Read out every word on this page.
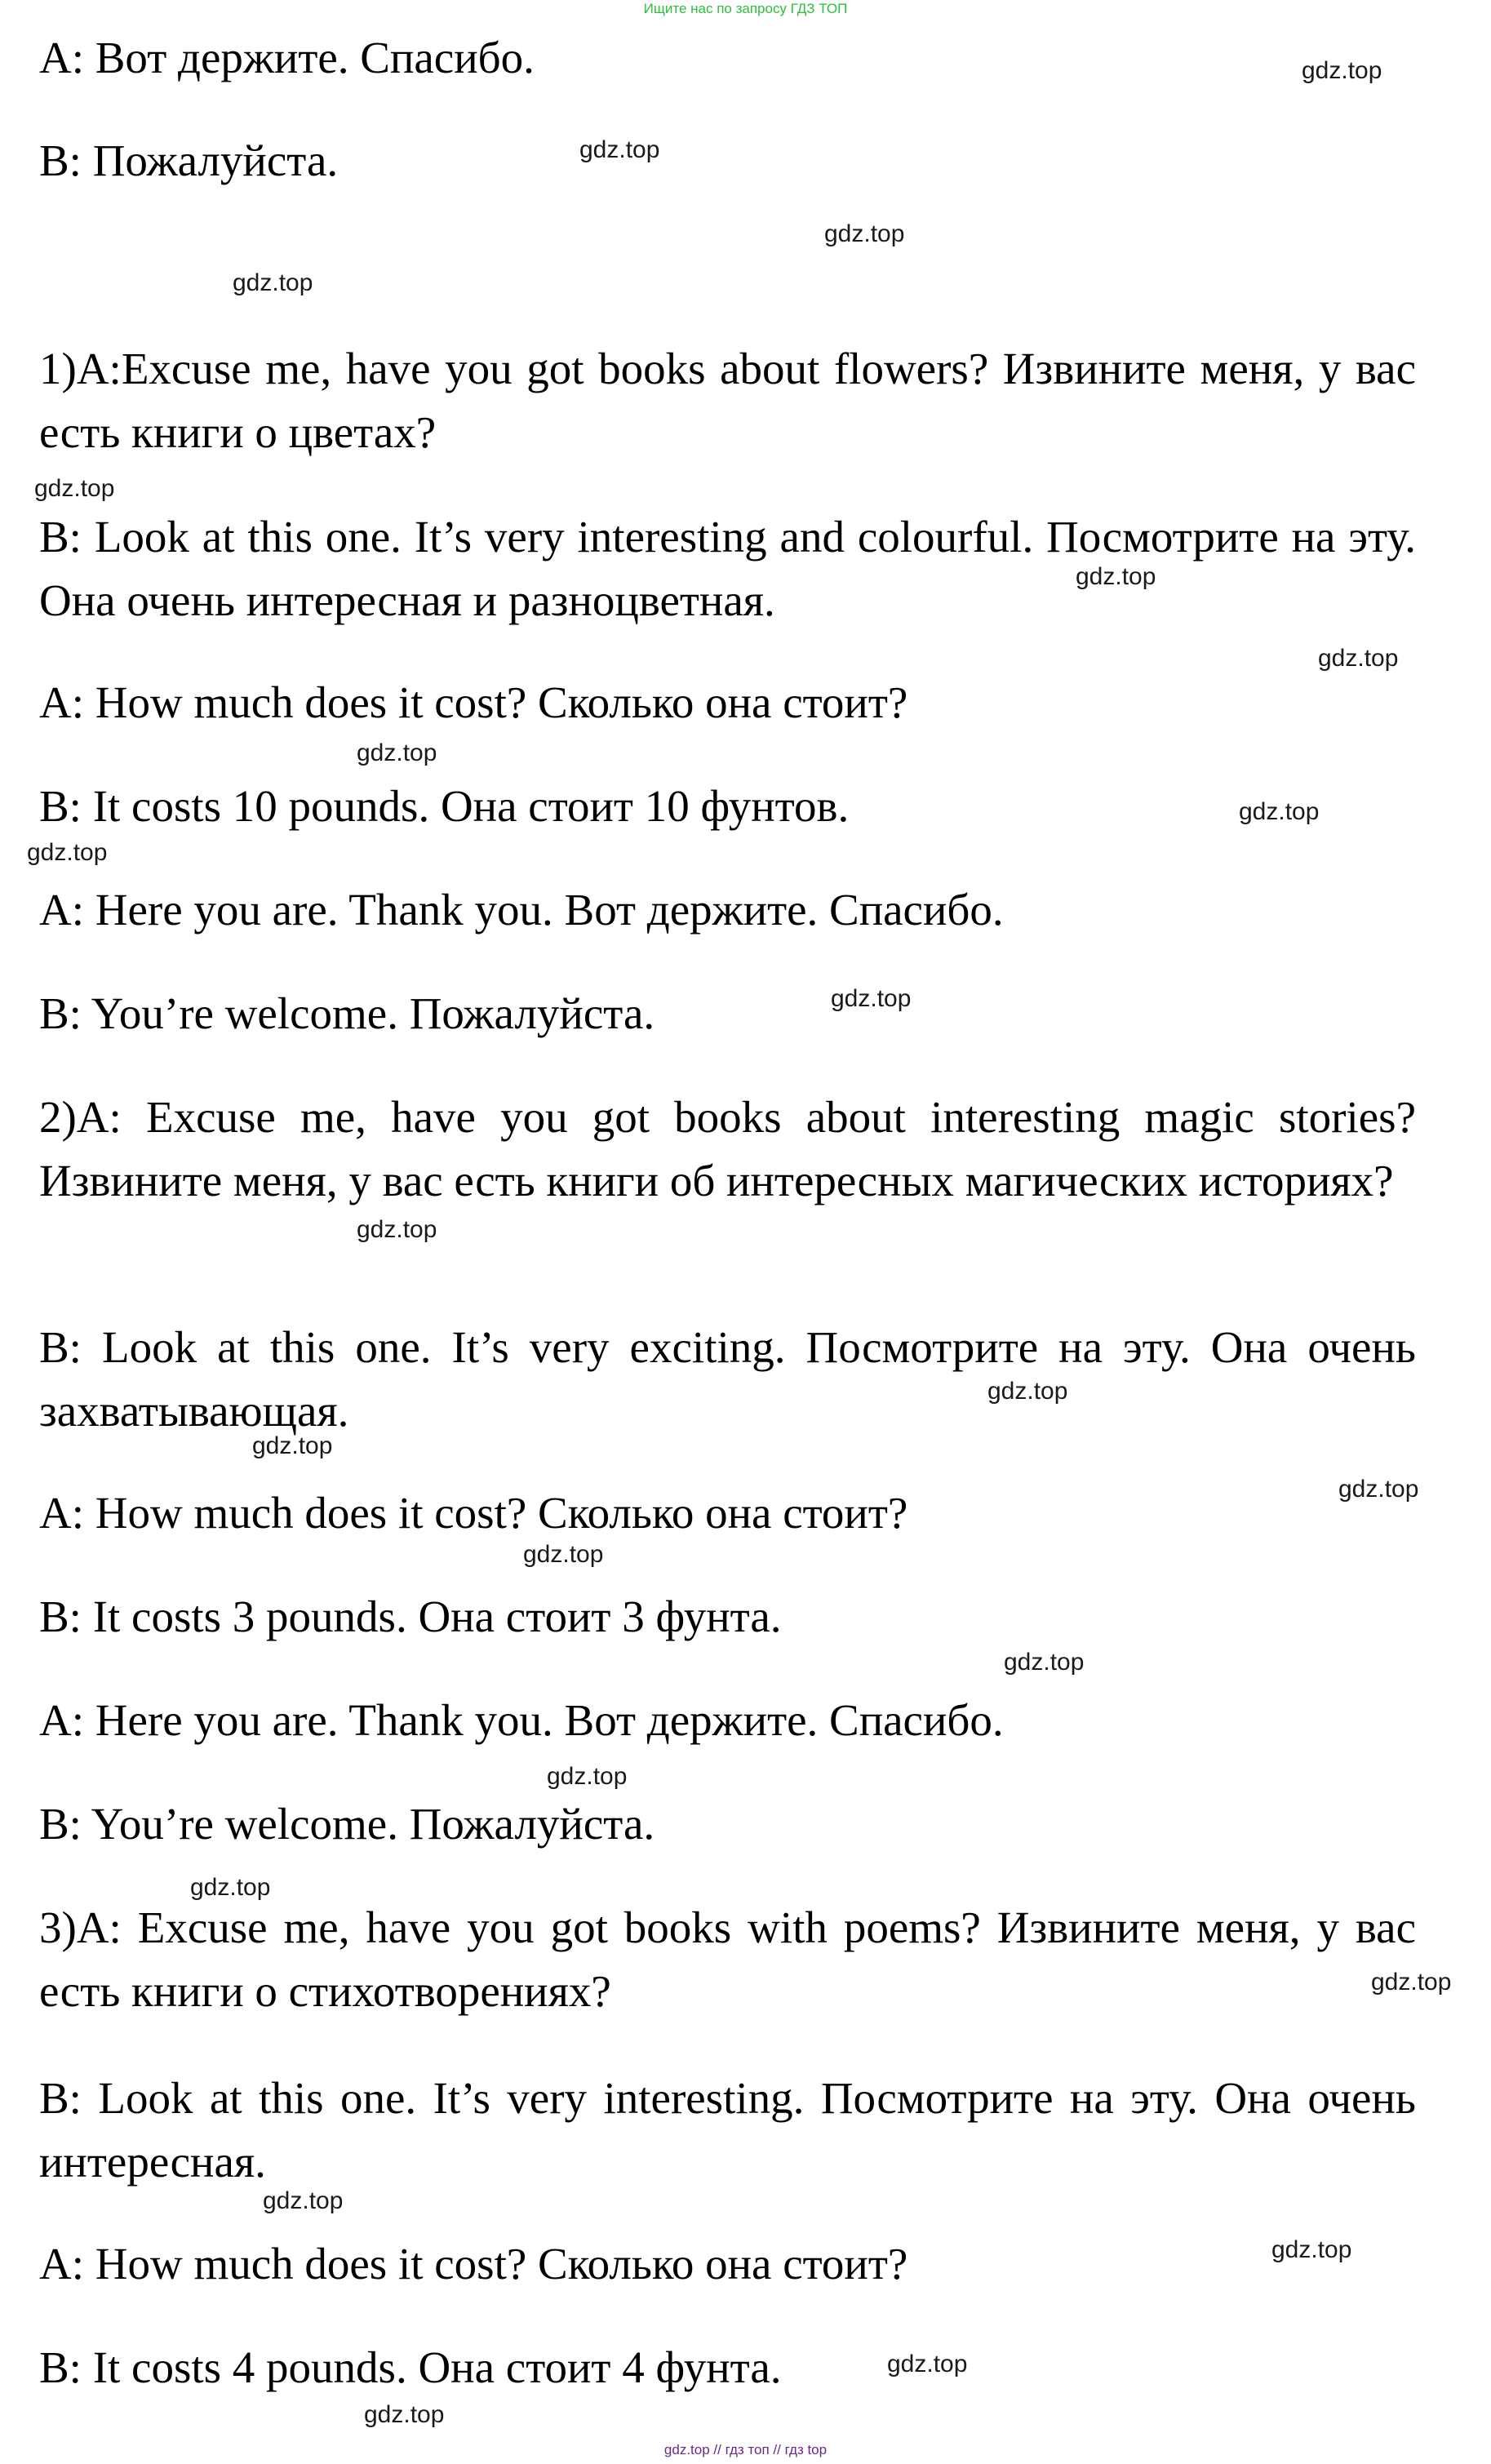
Ищите нас по запросу ГДЗ ТОП

A: Вот держите. Спасибо.

B: Пожалуйста.

1)A:Excuse me, have you got books about flowers? Извините меня, у вас есть книги о цветах?

B: Look at this one. It’s very interesting and colourful. Посмотрите на эту. Она очень интересная и разноцветная.

A: How much does it cost? Сколько она стоит?

B: It costs 10 pounds. Она стоит 10 фунтов.

A: Here you are. Thank you. Вот держите. Спасибо.

B: You’re welcome. Пожалуйста.

2)A: Excuse me, have you got books about interesting magic stories? Извините меня, у вас есть книги об интересных магических историях?

B: Look at this one. It’s very exciting. Посмотрите на эту. Она очень захватывающая.

A: How much does it cost? Сколько она стоит?

B: It costs 3 pounds. Она стоит 3 фунта.

A: Here you are. Thank you. Вот держите. Спасибо.

B: You’re welcome. Пожалуйста.

3)A: Excuse me, have you got books with poems? Извините меня, у вас есть книги о стихотворениях?

B: Look at this one. It’s very interesting. Посмотрите на эту. Она очень интересная.

A: How much does it cost? Сколько она стоит?

B: It costs 4 pounds. Она стоит 4 фунта.

gdz.top
gdz.top
gdz.top
gdz.top
gdz.top
gdz.top
gdz.top
gdz.top
gdz.top
gdz.top
gdz.top
gdz.top
gdz.top
gdz.top
gdz.top
gdz.top
gdz.top
gdz.top
gdz.top
gdz.top
gdz.top
gdz.top
gdz.top
gdz.top
gdz.top // гдз топ // гдз top
